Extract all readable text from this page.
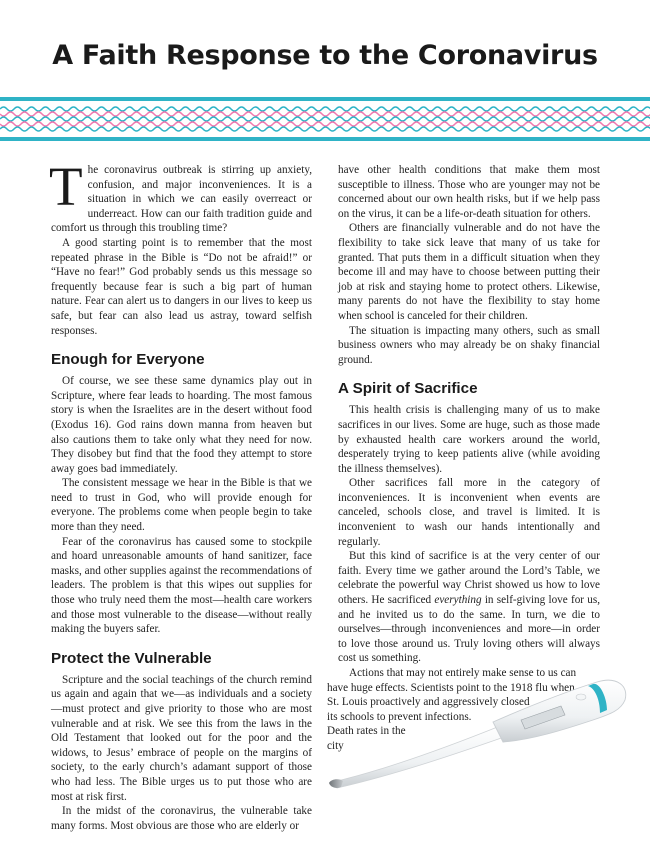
A Faith Response to the Coronavirus

The coronavirus outbreak is stirring up anxiety, confusion, and major inconveniences. It is a situation in which we can easily overreact or underreact. How can our faith tradition guide and comfort us through this troubling time?

A good starting point is to remember that the most repeated phrase in the Bible is “Do not be afraid!” or “Have no fear!” God probably sends us this message so frequently because fear is such a big part of human nature. Fear can alert us to dangers in our lives to keep us safe, but fear can also lead us astray, toward selfish responses.

Enough for Everyone

Of course, we see these same dynamics play out in Scripture, where fear leads to hoarding. The most famous story is when the Israelites are in the desert without food (Exodus 16). God rains down manna from heaven but also cautions them to take only what they need for now. They disobey but find that the food they attempt to store away goes bad immediately.

The consistent message we hear in the Bible is that we need to trust in God, who will provide enough for everyone. The problems come when people begin to take more than they need.

Fear of the coronavirus has caused some to stockpile and hoard unreasonable amounts of hand sanitizer, face masks, and other supplies against the recommendations of leaders. The problem is that this wipes out supplies for those who truly need them the most—health care workers and those most vulnerable to the disease—without really making the buyers safer.

Protect the Vulnerable

Scripture and the social teachings of the church remind us again and again that we—as individuals and a society—must protect and give priority to those who are most vulnerable and at risk. We see this from the laws in the Old Testament that looked out for the poor and the widows, to Jesus’ embrace of people on the margins of society, to the early church’s adamant support of those who had less. The Bible urges us to put those who are most at risk first.

In the midst of the coronavirus, the vulnerable take many forms. Most obvious are those who are elderly or

have other health conditions that make them most susceptible to illness. Those who are younger may not be concerned about our own health risks, but if we help pass on the virus, it can be a life-or-death situation for others.

Others are financially vulnerable and do not have the flexibility to take sick leave that many of us take for granted. That puts them in a difficult situation when they become ill and may have to choose between putting their job at risk and staying home to protect others. Likewise, many parents do not have the flexibility to stay home when school is canceled for their children.

The situation is impacting many others, such as small business owners who may already be on shaky financial ground.

A Spirit of Sacrifice

This health crisis is challenging many of us to make sacrifices in our lives. Some are huge, such as those made by exhausted health care workers around the world, desperately trying to keep patients alive (while avoiding the illness themselves).

Other sacrifices fall more in the category of inconveniences. It is inconvenient when events are canceled, schools close, and travel is limited. It is inconvenient to wash our hands intentionally and regularly.

But this kind of sacrifice is at the very center of our faith. Every time we gather around the Lord’s Table, we celebrate the powerful way Christ showed us how to love others. He sacrificed everything in self-giving love for us, and he invited us to do the same. In turn, we die to ourselves—through inconveniences and more—in order to love those around us. Truly loving others will always cost us something.

Actions that may not entirely make sense to us can
have huge effects. Scientists point to the 1918 flu when
St. Louis proactively and aggressively closed
its schools to prevent infections.
Death rates in the
city
